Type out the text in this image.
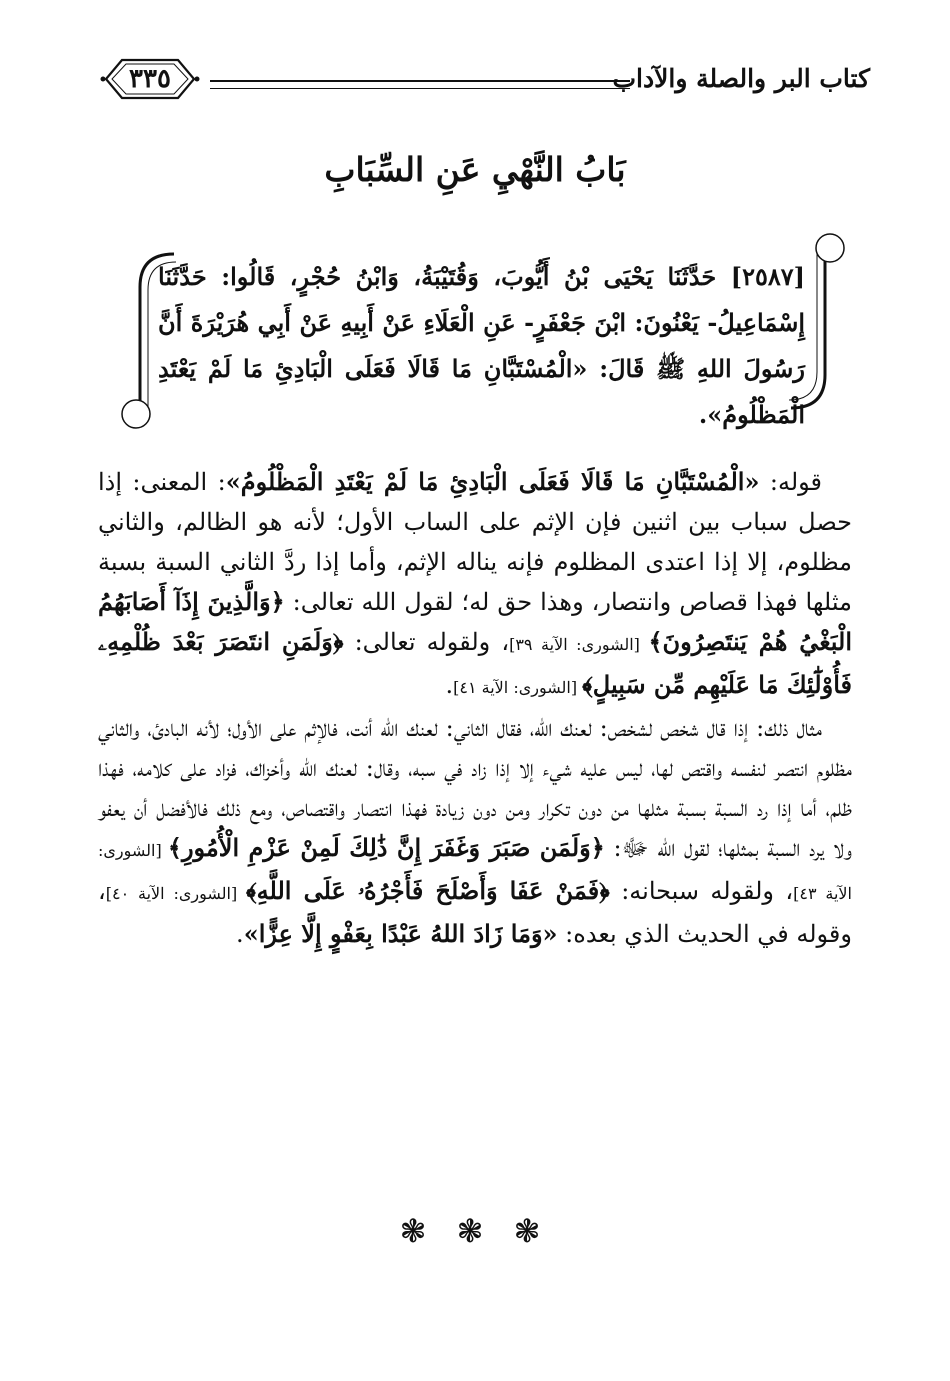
كتاب البر والصلة والآداب
٣٣٥
بَابُ النَّهْيِ عَنِ السِّبَابِ
[٢٥٨٧] حَدَّثَنَا يَحْيَى بْنُ أَيُّوبَ، وَقُتَيْبَةُ، وَابْنُ حُجْرٍ، قَالُوا: حَدَّثَنَا إِسْمَاعِيلُ- يَعْنُونَ: ابْنَ جَعْفَرٍ- عَنِ الْعَلَاءِ عَنْ أَبِيهِ عَنْ أَبِي هُرَيْرَةَ أَنَّ رَسُولَ اللهِ ﷺ قَالَ: «الْمُسْتَبَّانِ مَا قَالَا فَعَلَى الْبَادِئِ مَا لَمْ يَعْتَدِ الْمَظْلُومُ».

قوله: «الْمُسْتَبَّانِ مَا قَالَا فَعَلَى الْبَادِئِ مَا لَمْ يَعْتَدِ الْمَظْلُومُ»: المعنى: إذا حصل سباب بين اثنين فإن الإثم على الساب الأول؛ لأنه هو الظالم، والثاني مظلوم، إلا إذا اعتدى المظلوم فإنه يناله الإثم، وأما إذا ردَّ الثاني السبة بسبة مثلها فهذا قصاص وانتصار، وهذا حق له؛ لقول الله تعالى: ﴿وَالَّذِينَ إِذَآ أَصَابَهُمُ الْبَغْيُ هُمْ يَنتَصِرُونَ﴾ [الشورى: الآية ٣٩]، ولقوله تعالى: ﴿وَلَمَنِ انتَصَرَ بَعْدَ ظُلْمِهِۦ فَأُوْلَٰٓئِكَ مَا عَلَيْهِم مِّن سَبِيلٍ﴾ [الشورى: الآية ٤١].

مثال ذلك: إذا قال شخص لشخص: لعنك الله، فقال الثاني: لعنك الله أنت، فالإثم على الأول؛ لأنه البادئ، والثاني مظلوم انتصر لنفسه واقتص لها، ليس عليه شيء إلا إذا زاد في سبه، وقال: لعنك الله وأخزاك، فزاد على كلامه، فهذا ظلم، أما إذا رد السبة بسبة مثلها من دون تكرار ومن دون زيادة فهذا انتصار واقتصاص، ومع ذلك فالأفضل أن يعفو ولا يرد السبة بمثلها؛ لقول الله ﷻ: ﴿وَلَمَن صَبَرَ وَغَفَرَ إِنَّ ذَٰلِكَ لَمِنْ عَزْمِ الْأُمُورِ﴾ [الشورى: الآية ٤٣]، ولقوله سبحانه: ﴿فَمَنْ عَفَا وَأَصْلَحَ فَأَجْرُهُۥ عَلَى اللَّهِ﴾ [الشورى: الآية ٤٠]، وقوله في الحديث الذي بعده: «وَمَا زَادَ اللهُ عَبْدًا بِعَفْوٍ إِلَّا عِزًّا».

❃ ❃ ❃
